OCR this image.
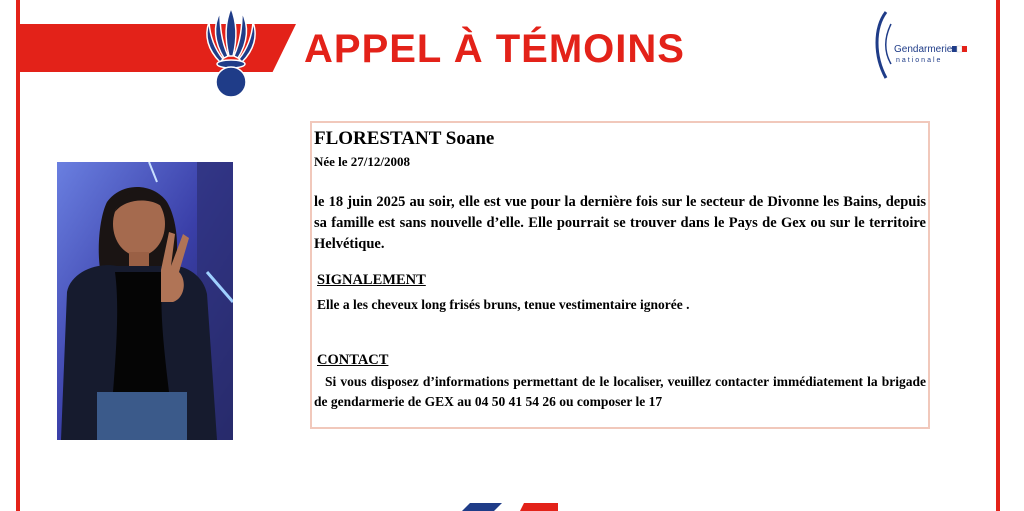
APPEL À TÉMOINS	Gendarmerie
nationale
FLORESTANT Soane
Née le 27/12/2008

le 18 juin 2025 au soir, elle est vue pour la dernière fois sur le secteur de Divonne les Bains, depuis sa famille est sans nouvelle d’elle. Elle pourrait se trouver dans le Pays de Gex ou sur le territoire Helvétique.

SIGNALEMENT
Elle a les cheveux long frisés bruns, tenue vestimentaire ignorée .
CONTACT

Si vous disposez d’informations permettant de le localiser, veuillez contacter immédiatement la brigade de gendarmerie de GEX au 04 50 41 54 26 ou composer le 17
